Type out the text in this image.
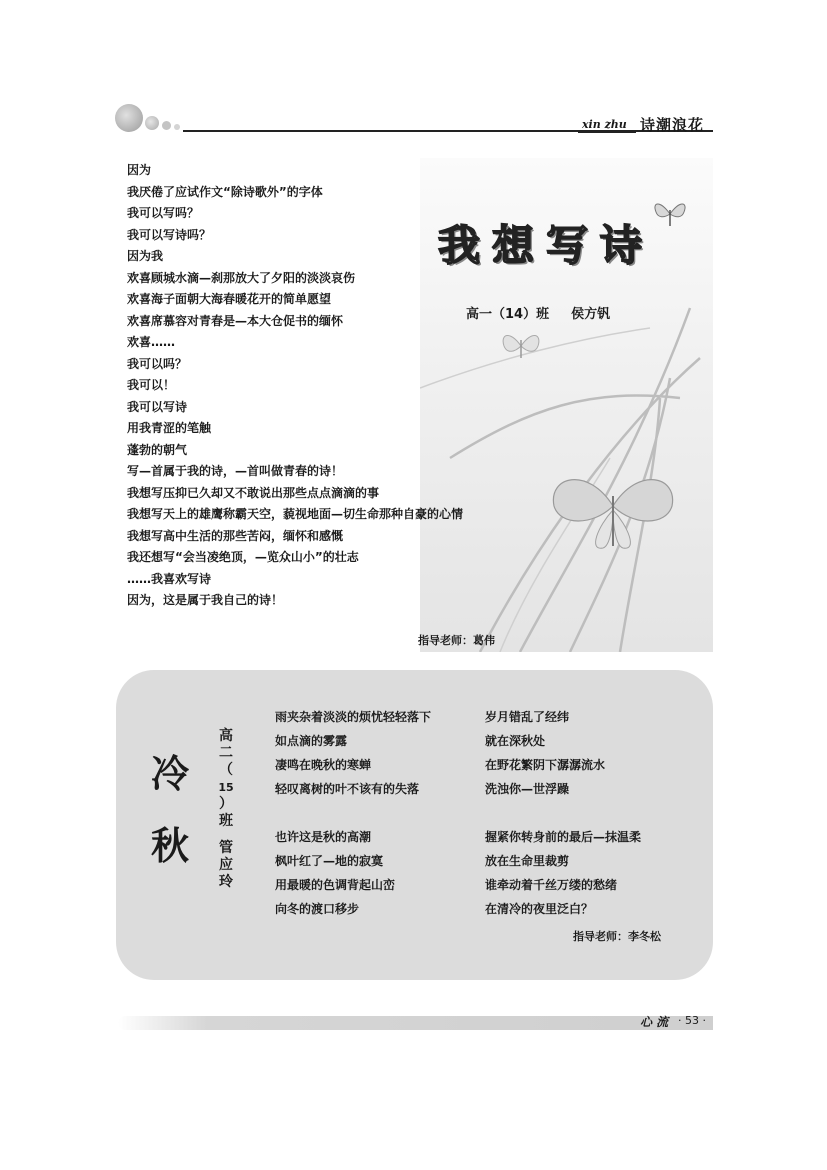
xin zhu 诗潮浪花
我想写诗
高一（14）班 侯方钒
因为
我厌倦了应试作文“除诗歌外”的字体
我可以写吗？
我可以写诗吗？
因为我
欢喜顾城水滴—刹那放大了夕阳的淡淡哀伤
欢喜海子面朝大海春暖花开的简单愿望
欢喜席慕容对青春是—本大仓促书的缅怀
欢喜……
我可以吗？
我可以！
我可以写诗
用我青涩的笔触
蓬勃的朝气
写—首属于我的诗，—首叫做青春的诗！
我想写压抑已久却又不敢说出那些点点滴滴的事
我想写天上的雄鹰称霸天空，藐视地面—切生命那种自豪的心情
我想写高中生活的那些苦闷，缅怀和感慨
我还想写“会当凌绝顶，—览众山小”的壮志
……我喜欢写诗
因为，这是属于我自己的诗！
指导老师：葛伟
冷
秋
高
二
（
15
）
班
管
应
玲
雨夹杂着淡淡的烦忧轻轻落下
如点滴的雾露
凄鸣在晚秋的寒蝉
轻叹离树的叶不该有的失落
岁月错乱了经纬
就在深秋处
在野花繁阴下潺潺流水
洗浊你—世浮躁
也许这是秋的高潮
枫叶红了—地的寂寞
用最暖的色调背起山峦
向冬的渡口移步
握紧你转身前的最后—抹温柔
放在生命里裁剪
谁牵动着千丝万缕的愁绪
在清冷的夜里泛白？
指导老师：李冬松
心 流 · 53 ·
